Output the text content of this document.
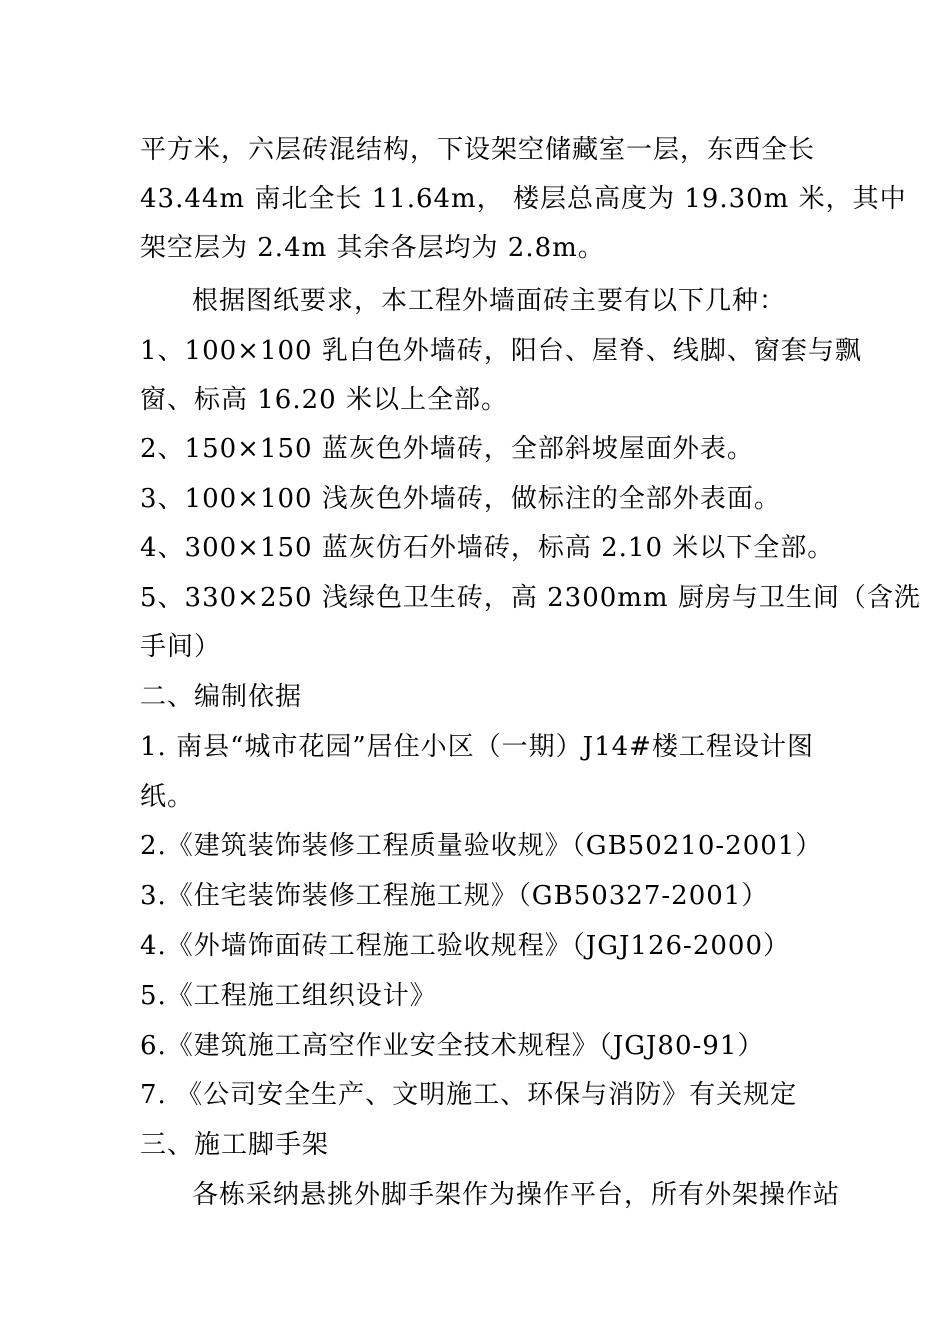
平方米，六层砖混结构，下设架空储藏室一层，东西全长
43.44m 南北全长 11.64m， 楼层总高度为 19.30m 米，其中
架空层为 2.4m 其余各层均为 2.8m。
根据图纸要求，本工程外墙面砖主要有以下几种：
1、100×100 乳白色外墙砖，阳台、屋脊、线脚、窗套与飘
窗、标高 16.20 米以上全部。
2、150×150 蓝灰色外墙砖，全部斜坡屋面外表。
3、100×100 浅灰色外墙砖，做标注的全部外表面。
4、300×150 蓝灰仿石外墙砖，标高 2.10 米以下全部。
5、330×250 浅绿色卫生砖，高 2300mm 厨房与卫生间（含洗
手间）
二、编制依据
1. 南县“城市花园”居住小区（一期）J14#楼工程设计图
纸。
2.《建筑装饰装修工程质量验收规》（GB50210-2001）
3.《住宅装饰装修工程施工规》（GB50327-2001）
4.《外墙饰面砖工程施工验收规程》（JGJ126-2000）
5.《工程施工组织设计》
6.《建筑施工高空作业安全技术规程》（JGJ80-91）
7. 《公司安全生产、文明施工、环保与消防》有关规定
三、施工脚手架
各栋采纳悬挑外脚手架作为操作平台，所有外架操作站
